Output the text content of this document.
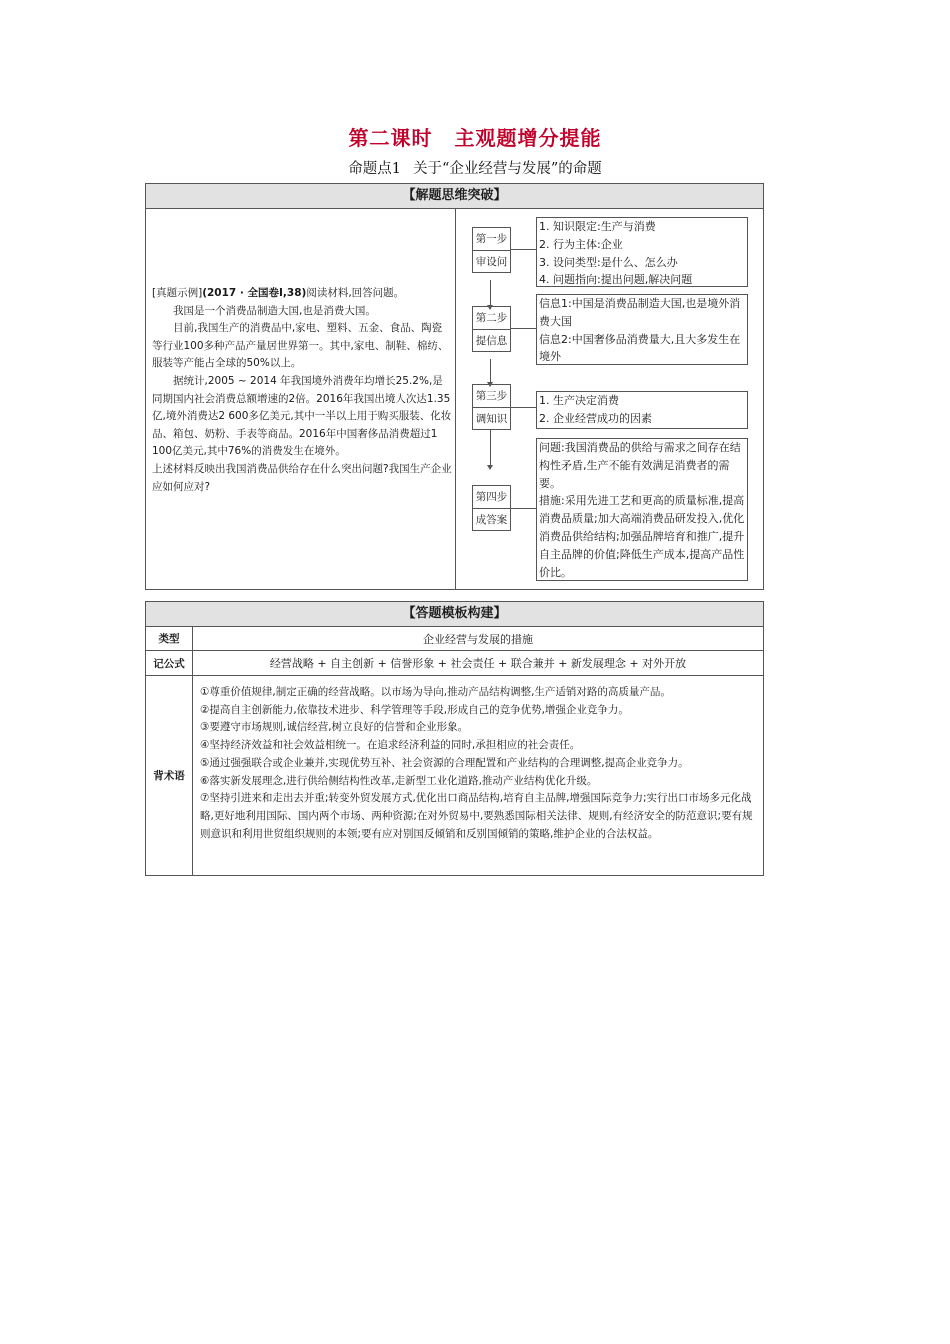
第二课时 主观题增分提能
命题点1 关于“企业经营与发展”的命题
【解题思维突破】

[真题示例](2017 · 全国卷Ⅰ,38)阅读材料,回答问题。

我国是一个消费品制造大国,也是消费大国。

目前,我国生产的消费品中,家电、塑料、五金、食品、陶瓷等行业100多种产品产量居世界第一。其中,家电、制鞋、棉纺、服装等产能占全球的50%以上。

据统计,2005 ~ 2014 年我国境外消费年均增长25.2%,是同期国内社会消费总额增速的2倍。2016年我国出境人次达1.35亿,境外消费达2 600多亿美元,其中一半以上用于购买服装、化妆品、箱包、奶粉、手表等商品。2016年中国奢侈品消费超过1 100亿美元,其中76%的消费发生在境外。

上述材料反映出我国消费品供给存在什么突出问题?我国生产企业应如何应对?

第一步
审设问
1. 知识限定:生产与消费
2. 行为主体:企业
3. 设问类型:是什么、怎么办
4. 问题指向:提出问题,解决问题
第二步
提信息
信息1:中国是消费品制造大国,也是境外消费大国
信息2:中国奢侈品消费量大,且大多发生在境外
第三步
调知识
1. 生产决定消费
2. 企业经营成功的因素
第四步
成答案
问题:我国消费品的供给与需求之间存在结构性矛盾,生产不能有效满足消费者的需要。
措施:采用先进工艺和更高的质量标准,提高消费品质量;加大高端消费品研发投入,优化消费品供给结构;加强品牌培育和推广,提升自主品牌的价值;降低生产成本,提高产品性价比。
【答题模板构建】
类型	企业经营与发展的措施
记公式	经营战略 + 自主创新 + 信誉形象 + 社会责任 + 联合兼并 + 新发展理念 + 对外开放
背术语
①尊重价值规律,制定正确的经营战略。以市场为导向,推动产品结构调整,生产适销对路的高质量产品。
②提高自主创新能力,依靠技术进步、科学管理等手段,形成自己的竞争优势,增强企业竞争力。
③要遵守市场规则,诚信经营,树立良好的信誉和企业形象。
④坚持经济效益和社会效益相统一。在追求经济利益的同时,承担相应的社会责任。
⑤通过强强联合或企业兼并,实现优势互补、社会资源的合理配置和产业结构的合理调整,提高企业竞争力。
⑥落实新发展理念,进行供给侧结构性改革,走新型工业化道路,推动产业结构优化升级。
⑦坚持引进来和走出去并重;转变外贸发展方式,优化出口商品结构,培育自主品牌,增强国际竞争力;实行出口市场多元化战略,更好地利用国际、国内两个市场、两种资源;在对外贸易中,要熟悉国际相关法律、规则,有经济安全的防范意识;要有规则意识和利用世贸组织规则的本领;要有应对别国反倾销和反别国倾销的策略,维护企业的合法权益。
